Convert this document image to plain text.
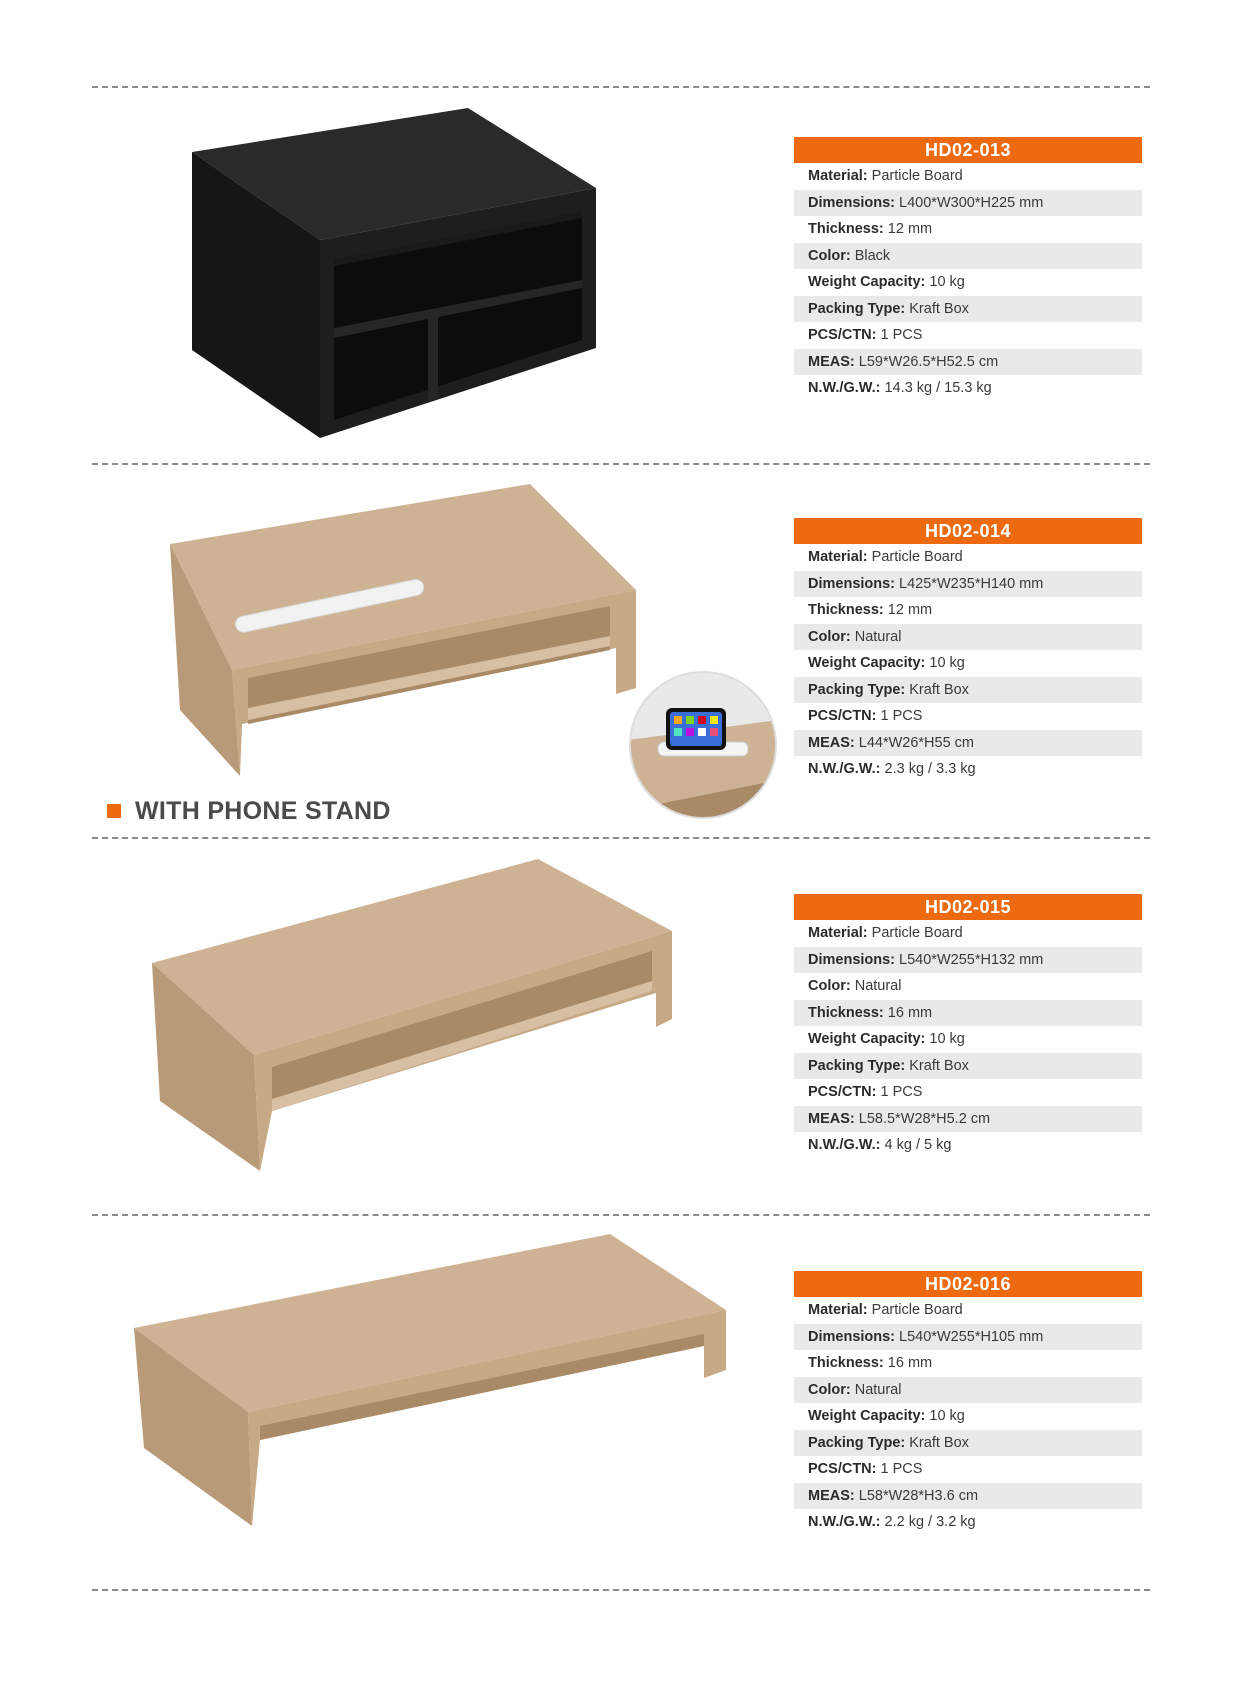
WITH PHONE STAND
HD02-013
Material: Particle Board
Dimensions: L400*W300*H225 mm
Thickness: 12 mm
Color: Black
Weight Capacity: 10 kg
Packing Type: Kraft Box
PCS/CTN: 1 PCS
MEAS: L59*W26.5*H52.5 cm
N.W./G.W.: 14.3 kg / 15.3 kg
HD02-014
Material: Particle Board
Dimensions: L425*W235*H140 mm
Thickness: 12 mm
Color: Natural
Weight Capacity: 10 kg
Packing Type: Kraft Box
PCS/CTN: 1 PCS
MEAS: L44*W26*H55 cm
N.W./G.W.: 2.3 kg / 3.3 kg
HD02-015
Material: Particle Board
Dimensions: L540*W255*H132 mm
Color: Natural
Thickness: 16 mm
Weight Capacity: 10 kg
Packing Type: Kraft Box
PCS/CTN: 1 PCS
MEAS: L58.5*W28*H5.2 cm
N.W./G.W.: 4 kg / 5 kg
HD02-016
Material: Particle Board
Dimensions: L540*W255*H105 mm
Thickness: 16 mm
Color: Natural
Weight Capacity: 10 kg
Packing Type: Kraft Box
PCS/CTN: 1 PCS
MEAS: L58*W28*H3.6 cm
N.W./G.W.: 2.2 kg / 3.2 kg
